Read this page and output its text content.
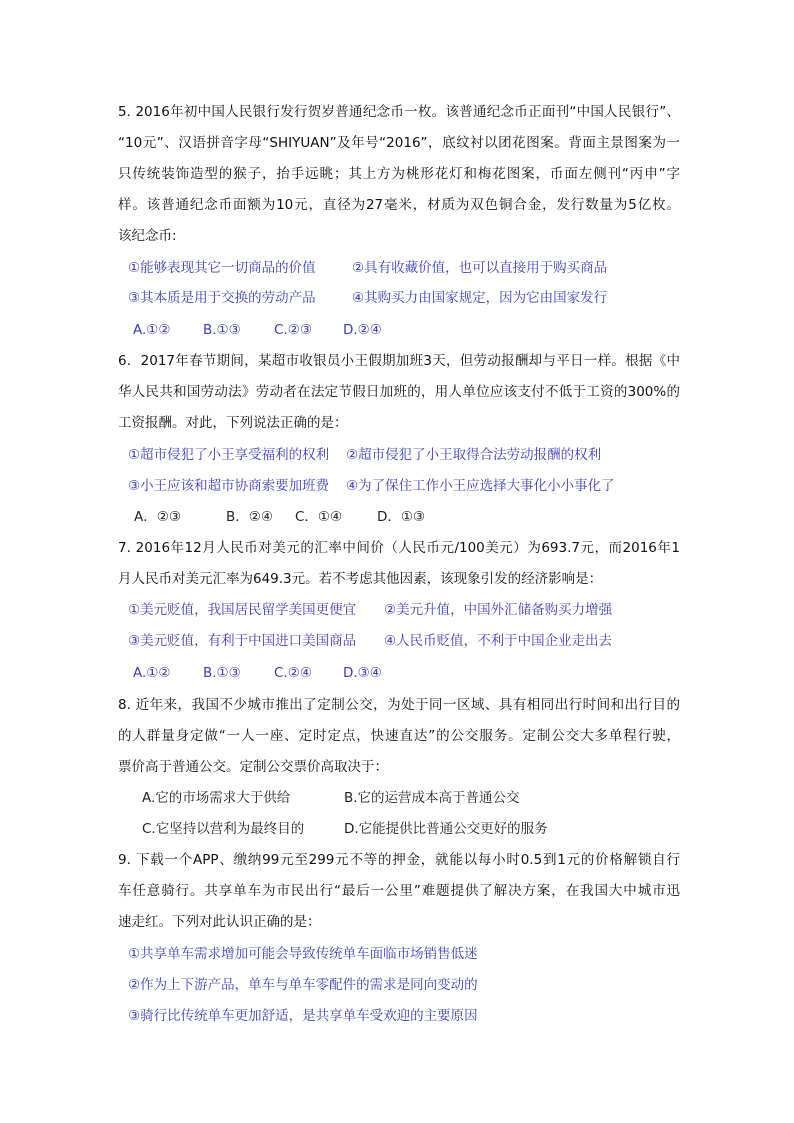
5. 2016年初中国人民银行发行贺岁普通纪念币一枚。该普通纪念币正面刊“中国人民银行”、
“10元”、汉语拼音字母“SHIYUAN”及年号“2016”，底纹衬以团花图案。背面主景图案为一
只传统装饰造型的猴子，抬手远眺；其上方为桃形花灯和梅花图案，币面左侧刊“丙申”字
样。该普通纪念币面额为10元，直径为27毫米，材质为双色铜合金，发行数量为5亿枚。
该纪念币:
①能够表现其它一切商品的价值	②具有收藏价值，也可以直接用于购买商品
③其本质是用于交换的劳动产品	④其购买力由国家规定，因为它由国家发行
A.①② B.①③ C.②③ D.②④
6．2017年春节期间，某超市收银员小王假期加班3天，但劳动报酬却与平日一样。根据《中
华人民共和国劳动法》劳动者在法定节假日加班的，用人单位应该支付不低于工资的300%的
工资报酬。对此，下列说法正确的是：
①超市侵犯了小王享受福利的权利 ②超市侵犯了小王取得合法劳动报酬的权利
③小王应该和超市协商索要加班费 ④为了保住工作小王应选择大事化小小事化了
A．②③	B．②④ C．①④	D．①③
7. 2016年12月人民币对美元的汇率中间价（人民币元/100美元）为693.7元，而2016年1
月人民币对美元汇率为649.3元。若不考虑其他因素，该现象引发的经济影响是：
①美元贬值，我国居民留学美国更便宜 ②美元升值，中国外汇储备购买力增强
③美元贬值，有利于中国进口美国商品 ④人民币贬值，不利于中国企业走出去
A.①② B.①③ C.②④ D.③④
8. 近年来，我国不少城市推出了定制公交，为处于同一区域、具有相同出行时间和出行目的
的人群量身定做“一人一座、定时定点，快速直达”的公交服务。定制公交大多单程行驶，
票价高于普通公交。定制公交票价高取决于：
A.它的市场需求大于供给	B.它的运营成本高于普通公交
C.它坚持以营利为最终目的	D.它能提供比普通公交更好的服务
9. 下载一个APP、缴纳99元至299元不等的押金，就能以每小时0.5到1元的价格解锁自行
车任意骑行。共享单车为市民出行“最后一公里”难题提供了解决方案，在我国大中城市迅
速走红。下列对此认识正确的是：
①共享单车需求增加可能会导致传统单车面临市场销售低迷
②作为上下游产品，单车与单车零配件的需求是同向变动的
③骑行比传统单车更加舒适，是共享单车受欢迎的主要原因
